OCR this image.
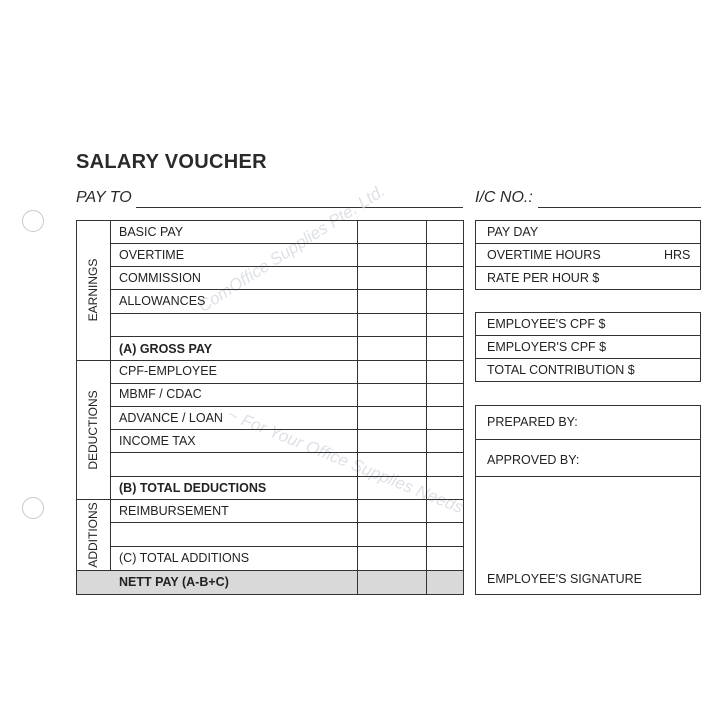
SALARY VOUCHER
PAY TO	I/C NO.:
ComOffice Supplies Pte. Ltd.
~ For Your Office Supplies Needs
EARNINGS
DEDUCTIONS
ADDITIONS
BASIC PAY
OVERTIME
COMMISSION
ALLOWANCES
(A) GROSS PAY
CPF-EMPLOYEE
MBMF / CDAC
ADVANCE / LOAN
INCOME TAX
(B) TOTAL DEDUCTIONS
REIMBURSEMENT
(C) TOTAL ADDITIONS
NETT PAY (A-B+C)
PAY DAY
OVERTIME HOURS	HRS
RATE PER HOUR $
EMPLOYEE'S CPF $
EMPLOYER'S CPF $
TOTAL CONTRIBUTION $
PREPARED BY:
APPROVED BY:
EMPLOYEE'S SIGNATURE
